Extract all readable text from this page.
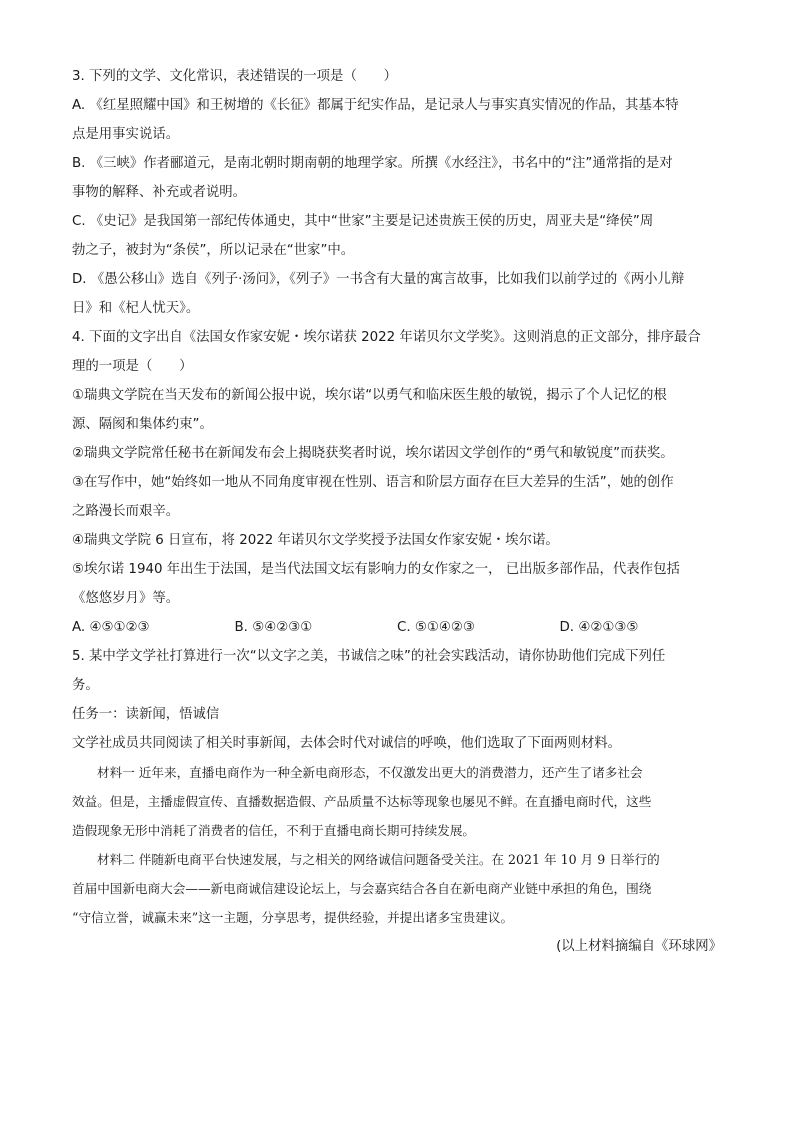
3. 下列的文学、文化常识，表述错误的一项是（　　）
A. 《红星照耀中国》和王树增的《长征》都属于纪实作品，是记录人与事实真实情况的作品，其基本特
点是用事实说话。
B. 《三峡》作者郦道元，是南北朝时期南朝的地理学家。所撰《水经注》，书名中的“注”通常指的是对
事物的解释、补充或者说明。
C. 《史记》是我国第一部纪传体通史，其中“世家”主要是记述贵族王侯的历史，周亚夫是“绛侯”周
勃之子，被封为“条侯”，所以记录在“世家”中。
D. 《愚公移山》选自《列子·汤问》，《列子》一书含有大量的寓言故事，比如我们以前学过的《两小儿辩
日》和《杞人忧天》。
4. 下面的文字出自《法国女作家安妮・埃尔诺获 2022 年诺贝尔文学奖》。这则消息的正文部分，排序最合
理的一项是（　　）
①瑞典文学院在当天发布的新闻公报中说，埃尔诺“以勇气和临床医生般的敏锐，揭示了个人记忆的根
源、隔阂和集体约束”。
②瑞典文学院常任秘书在新闻发布会上揭晓获奖者时说，埃尔诺因文学创作的“勇气和敏锐度”而获奖。
③在写作中，她“始终如一地从不同角度审视在性别、语言和阶层方面存在巨大差异的生活”，她的创作
之路漫长而艰辛。
④瑞典文学院 6 日宣布，将 2022 年诺贝尔文学奖授予法国女作家安妮・埃尔诺。
⑤埃尔诺 1940 年出生于法国，是当代法国文坛有影响力的女作家之一， 已出版多部作品，代表作包括
《悠悠岁月》等。
A. ④⑤①②③	B. ⑤④②③①	C. ⑤①④②③	D. ④②①③⑤
5. 某中学文学社打算进行一次“以文字之美，书诚信之味”的社会实践活动，请你协助他们完成下列任
务。
任务一：读新闻，悟诚信
文学社成员共同阅读了相关时事新闻，去体会时代对诚信的呼唤，他们选取了下面两则材料。
材料一 近年来，直播电商作为一种全新电商形态，不仅激发出更大的消费潜力，还产生了诸多社会
效益。但是，主播虚假宣传、直播数据造假、产品质量不达标等现象也屡见不鲜。在直播电商时代，这些
造假现象无形中消耗了消费者的信任，不利于直播电商长期可持续发展。
材料二 伴随新电商平台快速发展，与之相关的网络诚信问题备受关注。在 2021 年 10 月 9 日举行的
首届中国新电商大会——新电商诚信建设论坛上，与会嘉宾结合各自在新电商产业链中承担的角色，围绕
“守信立誉，诚赢未来”这一主题，分享思考，提供经验，并提出诸多宝贵建议。
(以上材料摘编自《环球网》
